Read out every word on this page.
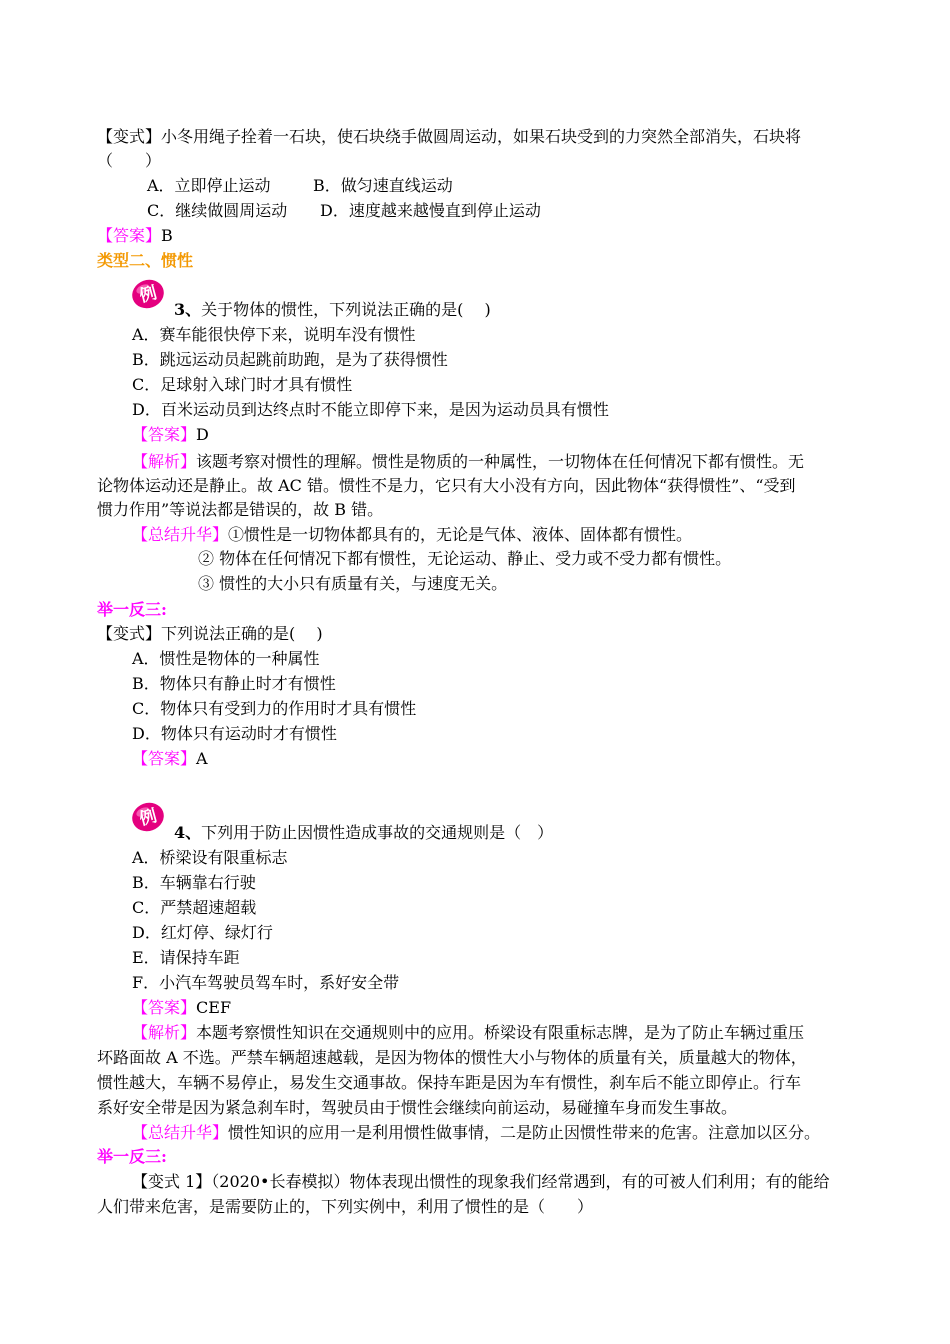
【变式】小冬用绳子拴着一石块，使石块绕手做圆周运动，如果石块受到的力突然全部消失，石块将
（　　）
A．立即停止运动	B．做匀速直线运动
C．继续做圆周运动 D．速度越来越慢直到停止运动
【答案】B
类型二、惯性
例
3、关于物体的惯性，下列说法正确的是(　 )
A．赛车能很快停下来，说明车没有惯性
B．跳远运动员起跳前助跑，是为了获得惯性
C．足球射入球门时才具有惯性
D．百米运动员到达终点时不能立即停下来，是因为运动员具有惯性
【答案】D
【解析】该题考察对惯性的理解。惯性是物质的一种属性，一切物体在任何情况下都有惯性。无
论物体运动还是静止。故 AC 错。惯性不是力，它只有大小没有方向，因此物体“获得惯性”、“受到
惯力作用”等说法都是错误的，故 B 错。
【总结升华】①惯性是一切物体都具有的，无论是气体、液体、固体都有惯性。
② 物体在任何情况下都有惯性，无论运动、静止、受力或不受力都有惯性。
③ 惯性的大小只有质量有关，与速度无关。
举一反三:
【变式】下列说法正确的是(　 )
A．惯性是物体的一种属性
B．物体只有静止时才有惯性
C．物体只有受到力的作用时才具有惯性
D．物体只有运动时才有惯性
【答案】A
例
4、下列用于防止因惯性造成事故的交通规则是（　）
A．桥梁设有限重标志
B．车辆靠右行驶
C．严禁超速超载
D．红灯停、绿灯行
E．请保持车距
F．小汽车驾驶员驾车时，系好安全带
【答案】CEF
【解析】本题考察惯性知识在交通规则中的应用。桥梁设有限重标志牌，是为了防止车辆过重压
坏路面故 A 不选。严禁车辆超速越载，是因为物体的惯性大小与物体的质量有关，质量越大的物体，
惯性越大，车辆不易停止，易发生交通事故。保持车距是因为车有惯性，刹车后不能立即停止。行车
系好安全带是因为紧急刹车时，驾驶员由于惯性会继续向前运动，易碰撞车身而发生事故。
【总结升华】惯性知识的应用一是利用惯性做事情，二是防止因惯性带来的危害。注意加以区分。
举一反三:
【变式 1】（2020•长春模拟）物体表现出惯性的现象我们经常遇到，有的可被人们利用；有的能给
人们带来危害，是需要防止的，下列实例中，利用了惯性的是（　　）
